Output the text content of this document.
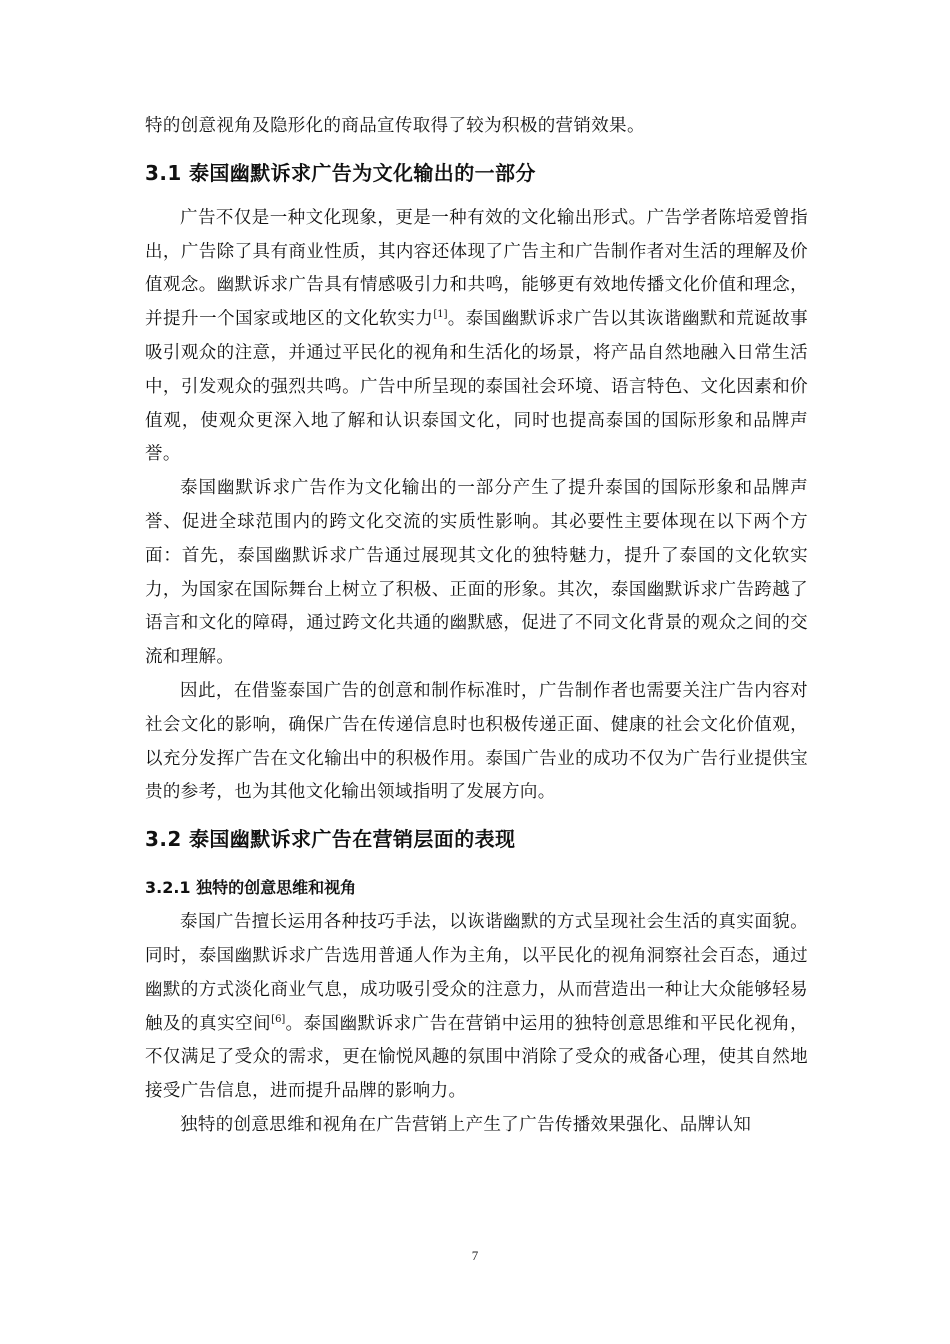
特的创意视角及隐形化的商品宣传取得了较为积极的营销效果。

3.1 泰国幽默诉求广告为文化输出的一部分

广告不仅是一种文化现象，更是一种有效的文化输出形式。广告学者陈培爱曾指出，广告除了具有商业性质，其内容还体现了广告主和广告制作者对生活的理解及价值观念。幽默诉求广告具有情感吸引力和共鸣，能够更有效地传播文化价值和理念，并提升一个国家或地区的文化软实力[1]。泰国幽默诉求广告以其诙谐幽默和荒诞故事吸引观众的注意，并通过平民化的视角和生活化的场景，将产品自然地融入日常生活中，引发观众的强烈共鸣。广告中所呈现的泰国社会环境、语言特色、文化因素和价值观，使观众更深入地了解和认识泰国文化，同时也提高泰国的国际形象和品牌声誉。

泰国幽默诉求广告作为文化输出的一部分产生了提升泰国的国际形象和品牌声誉、促进全球范围内的跨文化交流的实质性影响。其必要性主要体现在以下两个方面：首先，泰国幽默诉求广告通过展现其文化的独特魅力，提升了泰国的文化软实力，为国家在国际舞台上树立了积极、正面的形象。其次，泰国幽默诉求广告跨越了语言和文化的障碍，通过跨文化共通的幽默感，促进了不同文化背景的观众之间的交流和理解。

因此，在借鉴泰国广告的创意和制作标准时，广告制作者也需要关注广告内容对社会文化的影响，确保广告在传递信息时也积极传递正面、健康的社会文化价值观，以充分发挥广告在文化输出中的积极作用。泰国广告业的成功不仅为广告行业提供宝贵的参考，也为其他文化输出领域指明了发展方向。

3.2 泰国幽默诉求广告在营销层面的表现
3.2.1 独特的创意思维和视角

泰国广告擅长运用各种技巧手法，以诙谐幽默的方式呈现社会生活的真实面貌。同时，泰国幽默诉求广告选用普通人作为主角，以平民化的视角洞察社会百态，通过幽默的方式淡化商业气息，成功吸引受众的注意力，从而营造出一种让大众能够轻易触及的真实空间[6]。泰国幽默诉求广告在营销中运用的独特创意思维和平民化视角，不仅满足了受众的需求，更在愉悦风趣的氛围中消除了受众的戒备心理，使其自然地接受广告信息，进而提升品牌的影响力。

独特的创意思维和视角在广告营销上产生了广告传播效果强化、品牌认知

7
